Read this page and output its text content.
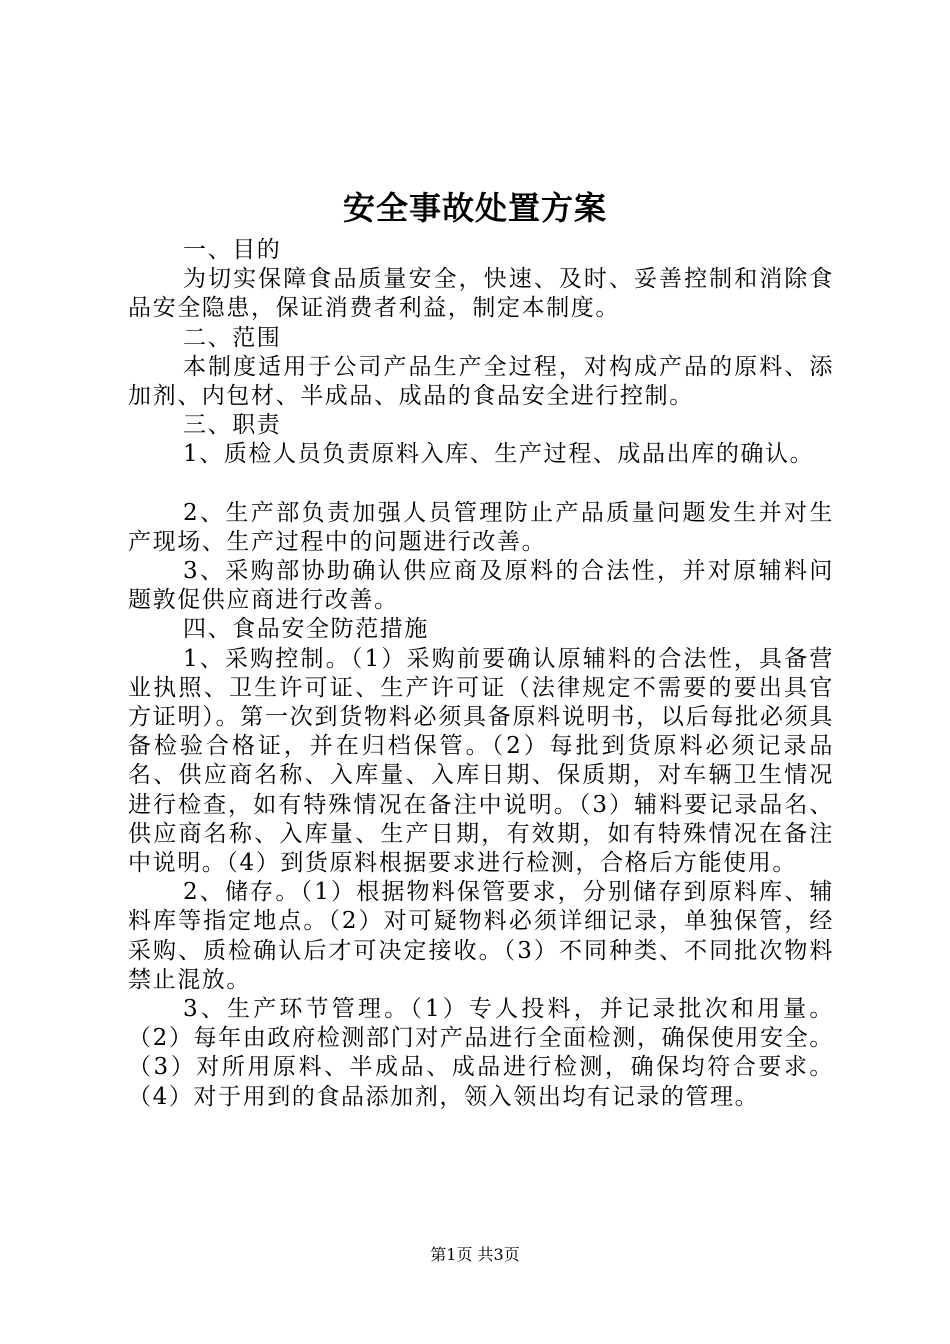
安全事故处置方案

一、目的

为切实保障食品质量安全，快速、及时、妥善控制和消除食品安全隐患，保证消费者利益，制定本制度。

二、范围

本制度适用于公司产品生产全过程，对构成产品的原料、添加剂、内包材、半成品、成品的食品安全进行控制。

三、职责

1、质检人员负责原料入库、生产过程、成品出库的确认。

2、生产部负责加强人员管理防止产品质量问题发生并对生产现场、生产过程中的问题进行改善。

3、采购部协助确认供应商及原料的合法性，并对原辅料问题敦促供应商进行改善。

四、食品安全防范措施

1、采购控制。（1）采购前要确认原辅料的合法性，具备营业执照、卫生许可证、生产许可证（法律规定不需要的要出具官方证明）。第一次到货物料必须具备原料说明书，以后每批必须具备检验合格证，并在归档保管。（2）每批到货原料必须记录品名、供应商名称、入库量、入库日期、保质期，对车辆卫生情况进行检查，如有特殊情况在备注中说明。（3）辅料要记录品名、供应商名称、入库量、生产日期，有效期，如有特殊情况在备注中说明。（4）到货原料根据要求进行检测，合格后方能使用。

2、储存。（1）根据物料保管要求，分别储存到原料库、辅料库等指定地点。（2）对可疑物料必须详细记录，单独保管，经采购、质检确认后才可决定接收。（3）不同种类、不同批次物料禁止混放。

3、生产环节管理。（1）专人投料，并记录批次和用量。（2）每年由政府检测部门对产品进行全面检测，确保使用安全。（3）对所用原料、半成品、成品进行检测，确保均符合要求。（4）对于用到的食品添加剂，领入领出均有记录的管理。

第1页 共3页
